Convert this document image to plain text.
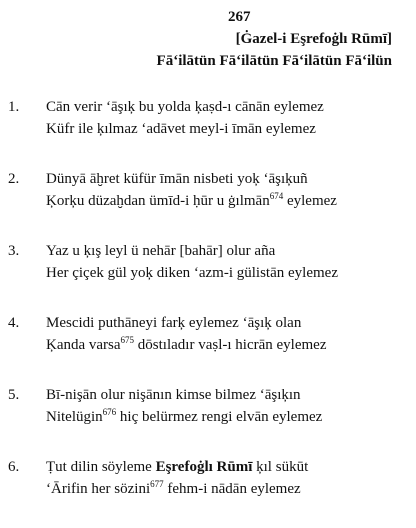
267
[Ġazel-i Eşrefoġlı Rūmī]
Fā‘ilātün Fā‘ilātün Fā‘ilātün Fā‘ilün
1. Cān verir ‘āşıķ bu yolda ķaṣd-ı cānān eylemez
Küfr ile ķılmaz ‘adāvet meyl-i īmān eylemez
2. Dünyā āḫret küfür īmān nisbeti yoķ ‘āşıķuñ
Ķorķu düzaḫdan ümīd-i ḥūr u ġılmān$^{674}$ eylemez
3. Yaz u ķış leyl ü nehār [bahār] olur aña
Her çiçek gül yoķ diken ‘azm-i gülistān eylemez
4. Mescidi puthāneyi farķ eylemez ‘āşıķ olan
Ķanda varsa$^{675}$ dōstıladır vaṣl-ı hicrān eylemez
5. Bī-nişān olur nişānın kimse bilmez ‘āşıķın
Nitelügin$^{676}$ hiç belürmez rengi elvān eylemez
6. Ṭut dilin söyleme Eşrefoġlı Rūmī ķıl sükūt
‘Ārifin her sözini$^{677}$ fehm-i nādān eylemez
